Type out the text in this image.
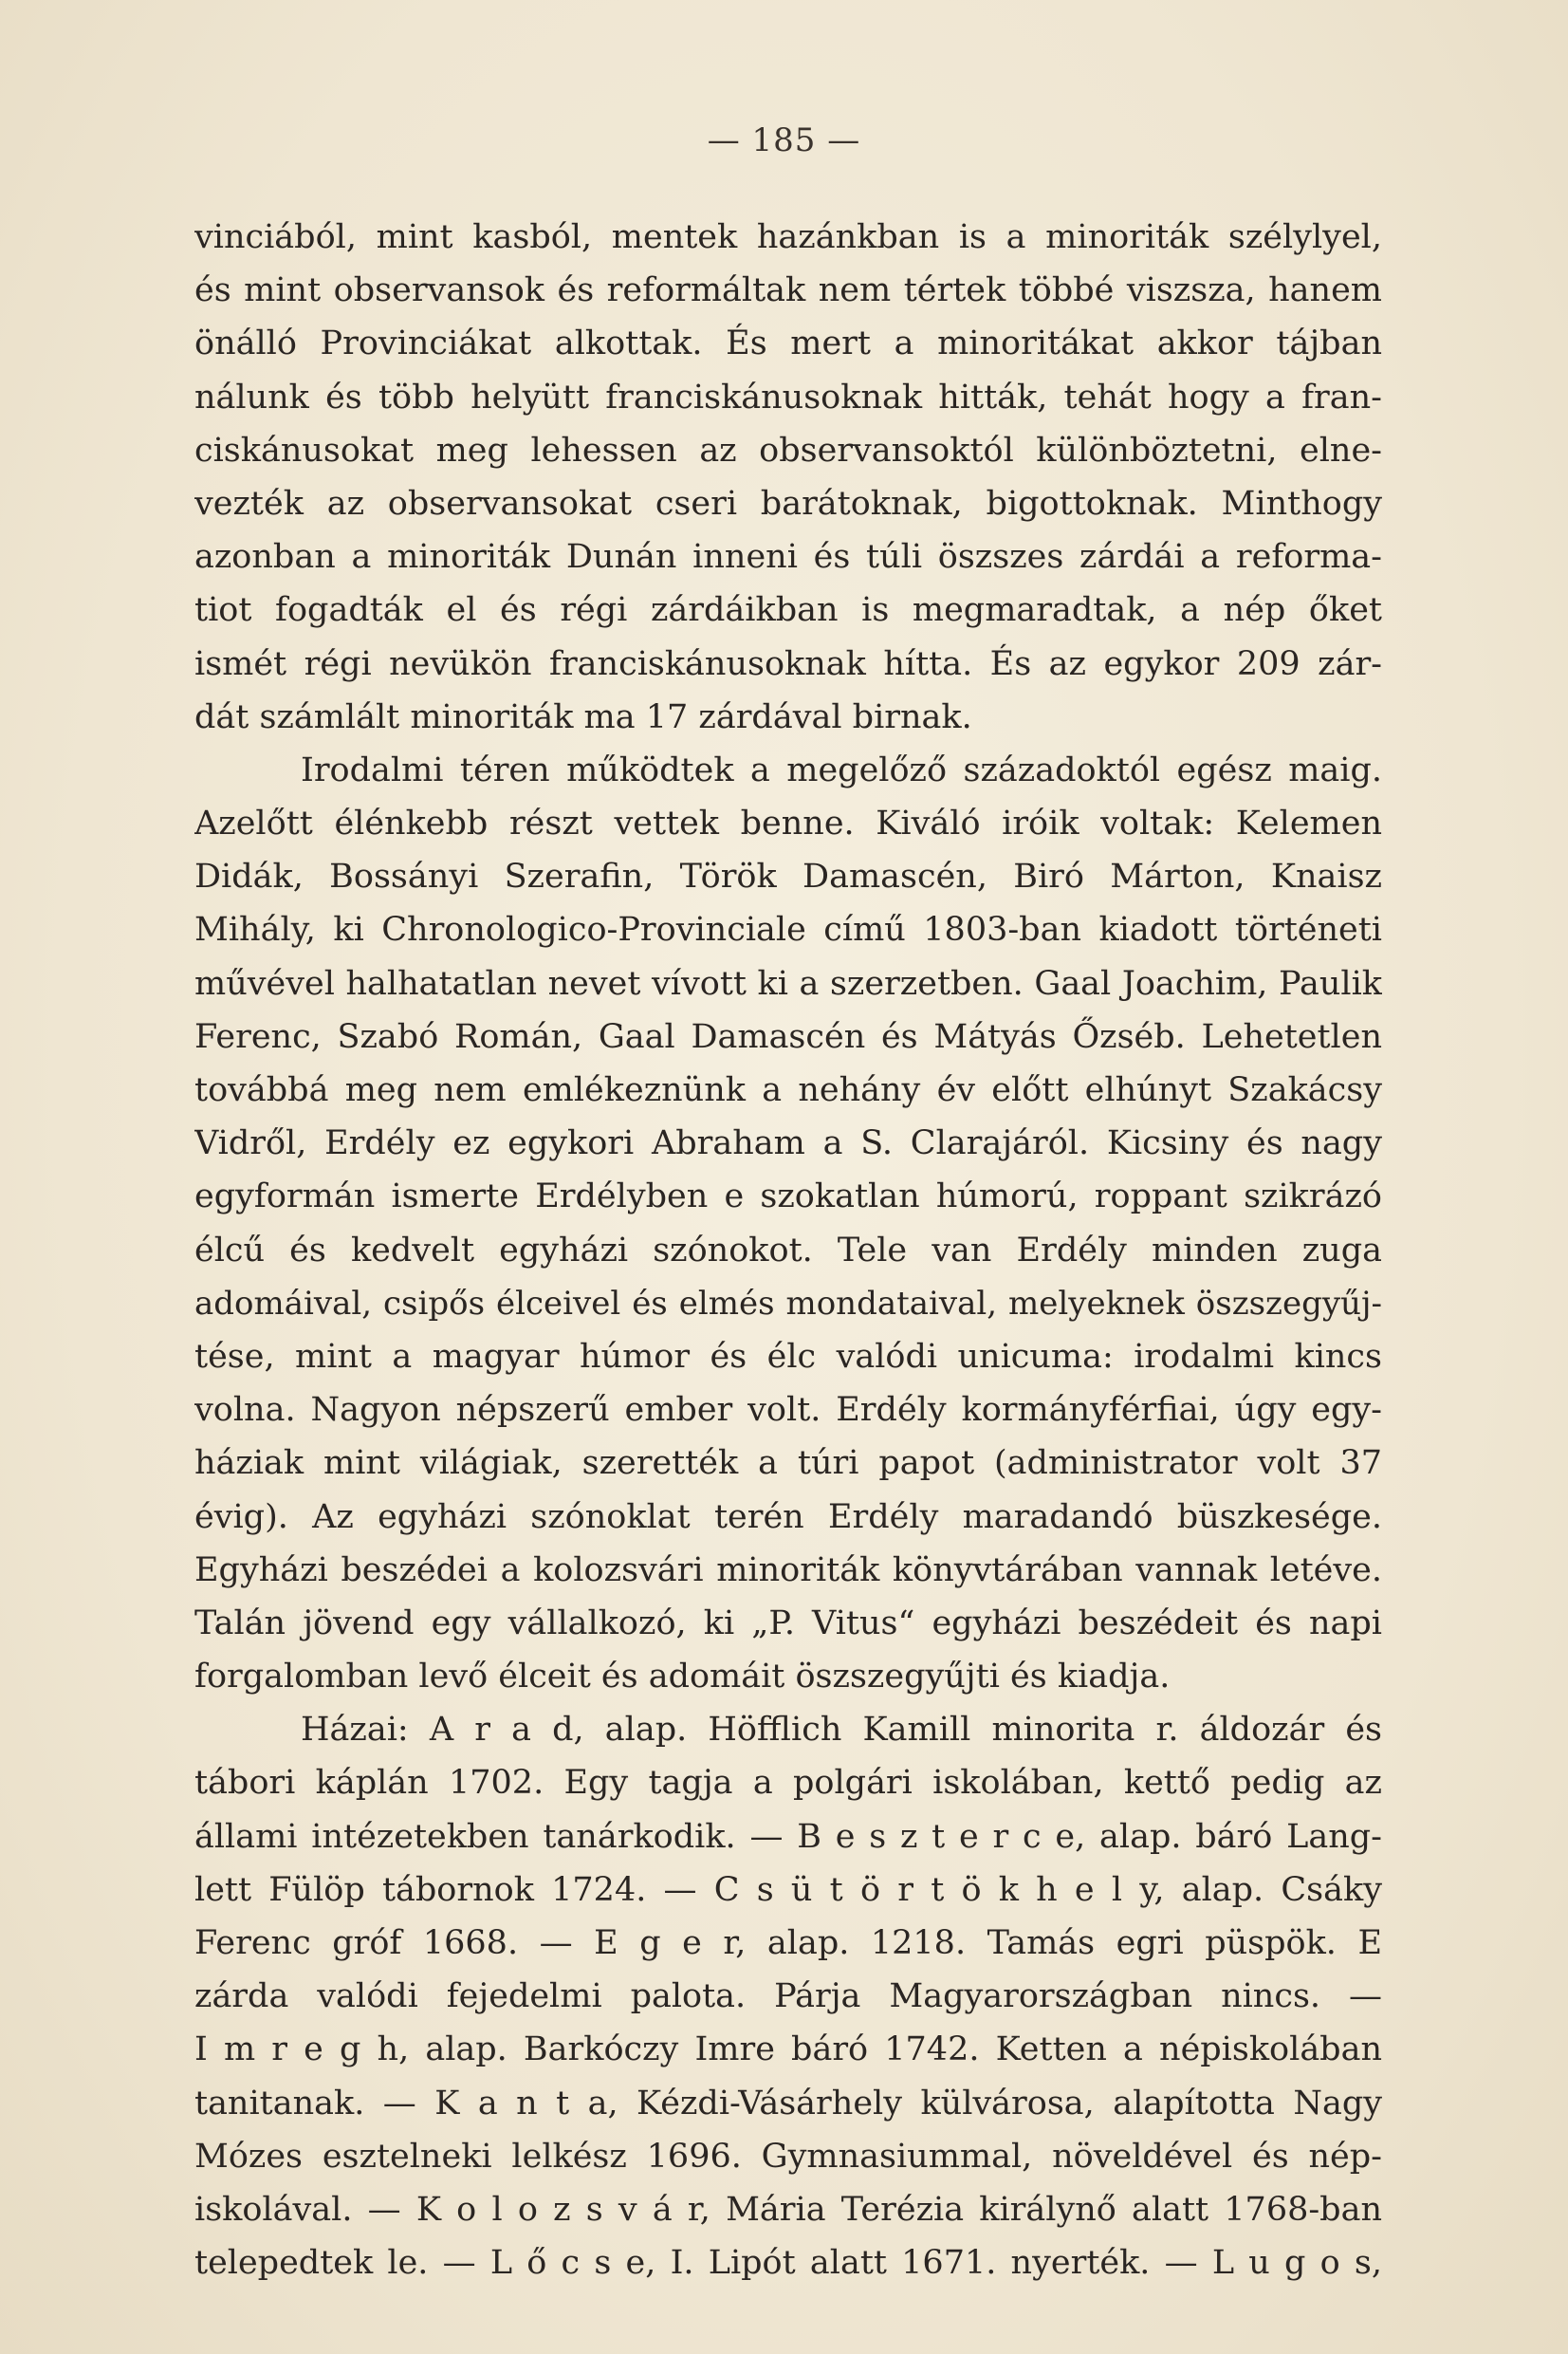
— 185 —
vinciából, mint kasból, mentek hazánkban is a minoriták szélylyel,
és mint observansok és reformáltak nem tértek többé viszsza, hanem
önálló Provinciákat alkottak. És mert a minoritákat akkor tájban
nálunk és több helyütt franciskánusoknak hitták, tehát hogy a fran-
ciskánusokat meg lehessen az observansoktól különböztetni, elne-
vezték az observansokat cseri barátoknak, bigottoknak. Minthogy
azonban a minoriták Dunán inneni és túli öszszes zárdái a reforma-
tiot fogadták el és régi zárdáikban is megmaradtak, a nép őket
ismét régi nevükön franciskánusoknak hítta. És az egykor 209 zár-
dát számlált minoriták ma 17 zárdával birnak.
Irodalmi téren működtek a megelőző századoktól egész maig.
Azelőtt élénkebb részt vettek benne. Kiváló iróik voltak: Kelemen
Didák, Bossányi Szerafin, Török Damascén, Biró Márton, Knaisz
Mihály, ki Chronologico-Provinciale című 1803-ban kiadott történeti
művével halhatatlan nevet vívott ki a szerzetben. Gaal Joachim, Paulik
Ferenc, Szabó Román, Gaal Damascén és Mátyás Őzséb. Lehetetlen
továbbá meg nem emlékeznünk a nehány év előtt elhúnyt Szakácsy
Vidről, Erdély ez egykori Abraham a S. Clarajáról. Kicsiny és nagy
egyformán ismerte Erdélyben e szokatlan húmorú, roppant szikrázó
élcű és kedvelt egyházi szónokot. Tele van Erdély minden zuga
adomáival, csipős élceivel és elmés mondataival, melyeknek öszszegyűj-
tése, mint a magyar húmor és élc valódi unicuma: irodalmi kincs
volna. Nagyon népszerű ember volt. Erdély kormányférfiai, úgy egy-
háziak mint világiak, szerették a túri papot (administrator volt 37
évig). Az egyházi szónoklat terén Erdély maradandó büszkesége.
Egyházi beszédei a kolozsvári minoriták könyvtárában vannak letéve.
Talán jövend egy vállalkozó, ki „P. Vitus“ egyházi beszédeit és napi
forgalomban levő élceit és adomáit öszszegyűjti és kiadja.
Házai: A r a d, alap. Höfflich Kamill minorita r. áldozár és
tábori káplán 1702. Egy tagja a polgári iskolában, kettő pedig az
állami intézetekben tanárkodik. — B e s z t e r c e, alap. báró Lang-
lett Fülöp tábornok 1724. — C s ü t ö r t ö k h e l y, alap. Csáky
Ferenc gróf 1668. — E g e r, alap. 1218. Tamás egri püspök. E
zárda valódi fejedelmi palota. Párja Magyarországban nincs. —
I m r e g h, alap. Barkóczy Imre báró 1742. Ketten a népiskolában
tanitanak. — K a n t a, Kézdi-Vásárhely külvárosa, alapította Nagy
Mózes esztelneki lelkész 1696. Gymnasiummal, növeldével és nép-
iskolával. — K o l o z s v á r, Mária Terézia királynő alatt 1768-ban
telepedtek le. — L ő c s e, I. Lipót alatt 1671. nyerték. — L u g o s,
